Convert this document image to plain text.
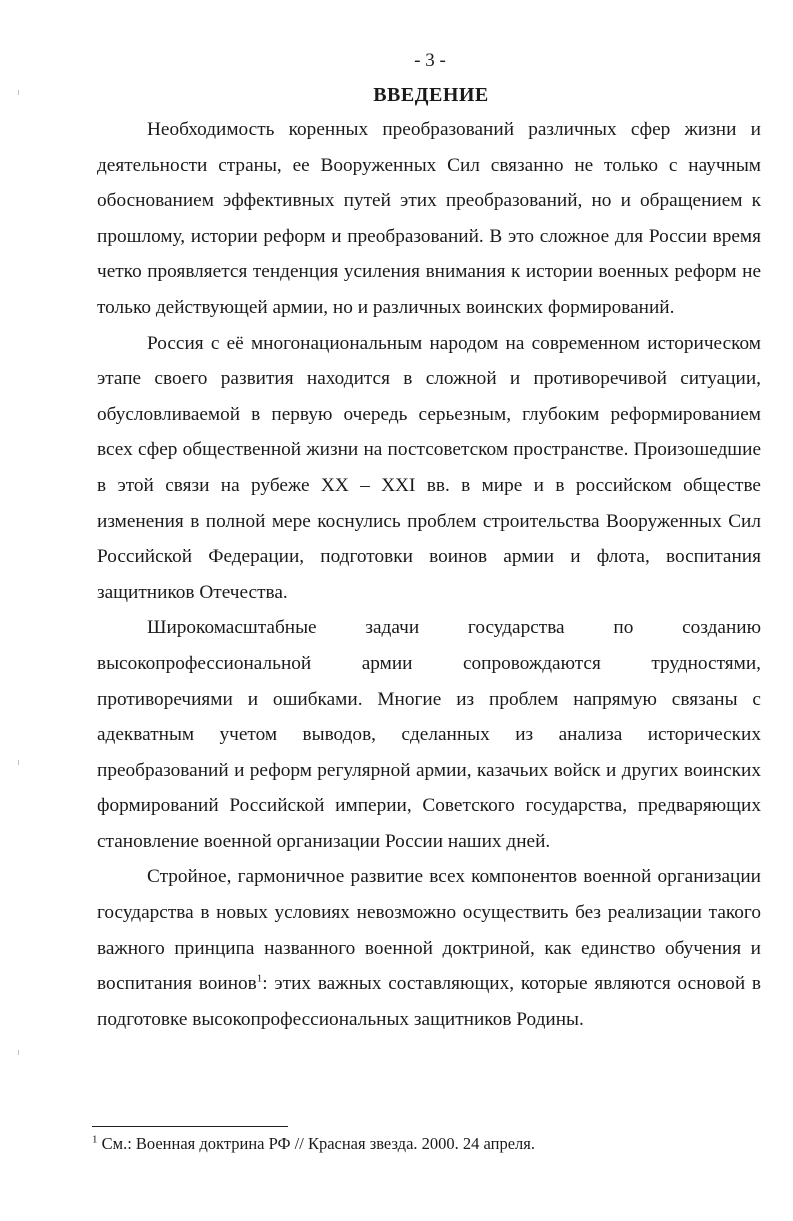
- 3 -
ВВЕДЕНИЕ

Необходимость коренных преобразований различных сфер жизни и деятельности страны, ее Вооруженных Сил связанно не только с научным обоснованием эффективных путей этих преобразований, но и обращением к прошлому, истории реформ и преобразований. В это сложное для России время четко проявляется тенденция усиления внимания к истории военных реформ не только действующей армии, но и различных воинских формирований.

Россия с её многонациональным народом на современном историческом этапе своего развития находится в сложной и противоречивой ситуации, обусловливаемой в первую очередь серьезным, глубоким реформированием всех сфер общественной жизни на постсоветском пространстве. Произошедшие в этой связи на рубеже XX – XXI вв. в мире и в российском обществе изменения в полной мере коснулись проблем строительства Вооруженных Сил Российской Федерации, подготовки воинов армии и флота, воспитания защитников Отечества.

Широкомасштабные задачи государства по созданию высокопрофессиональной армии сопровождаются трудностями, противоречиями и ошибками. Многие из проблем напрямую связаны с адекватным учетом выводов, сделанных из анализа исторических преобразований и реформ регулярной армии, казачьих войск и других воинских формирований Российской империи, Советского государства, предваряющих становление военной организации России наших дней.

Стройное, гармоничное развитие всех компонентов военной организации государства в новых условиях невозможно осуществить без реализации такого важного принципа названного военной доктриной, как единство обучения и воспитания воинов$^1$: этих важных составляющих, которые являются основой в подготовке высокопрофессиональных защитников Родины.

$^1$ См.: Военная доктрина РФ // Красная звезда. 2000. 24 апреля.
